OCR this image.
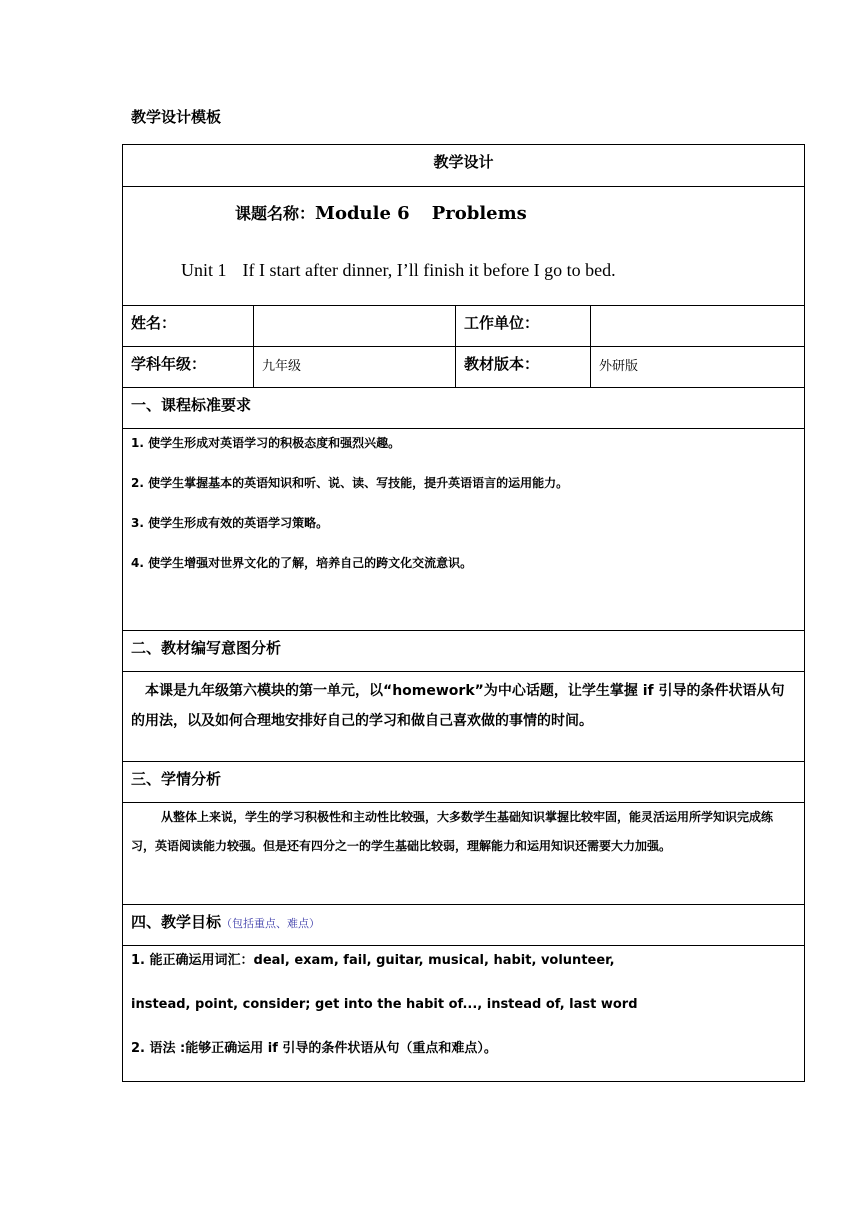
教学设计模板
教学设计			

课题名称：Module 6 Problems
Unit 1 If I start after dinner, I’ll finish it before I go to bed.			

姓名：		工作单位：	
学科年级：	九年级	教材版本：	外研版
一、课程标准要求			

1. 使学生形成对英语学习的积极态度和强烈兴趣。

2. 使学生掌握基本的英语知识和听、说、读、写技能，提升英语语言的运用能力。

3. 使学生形成有效的英语学习策略。

4. 使学生增强对世界文化的了解，培养自己的跨文化交流意识。			

二、教材编写意图分析			

本课是九年级第六模块的第一单元，以“homework”为中心话题，让学生掌握 if 引导的条件状语从句的用法，以及如何合理地安排好自己的学习和做自己喜欢做的事情的时间。			

三、学情分析			

从整体上来说，学生的学习积极性和主动性比较强，大多数学生基础知识掌握比较牢固，能灵活运用所学知识完成练习，英语阅读能力较强。但是还有四分之一的学生基础比较弱，理解能力和运用知识还需要大力加强。			

四、教学目标（包括重点、难点）			

1. 能正确运用词汇：deal, exam, fail, guitar, musical, habit, volunteer,

instead, point, consider; get into the habit of..., instead of, last word

2. 语法 :能够正确运用 if 引导的条件状语从句（重点和难点）。			
